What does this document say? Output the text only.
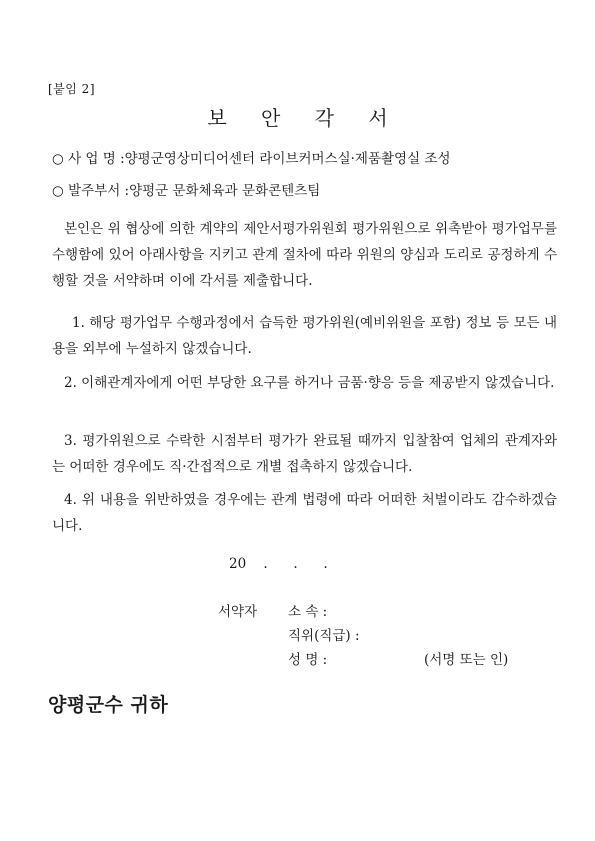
[붙임 2]
보 안 각 서
○ 사 업 명 :양평군영상미디어센터 라이브커머스실·제품촬영실 조성
○ 발주부서 :양평군 문화체육과 문화콘텐츠팀
본인은 위 협상에 의한 계약의 제안서평가위원회 평가위원으로 위촉받아 평가업무를 수행함에 있어 아래사항을 지키고 관계 절차에 따라 위원의 양심과 도리로 공정하게 수행할 것을 서약하며 이에 각서를 제출합니다.
1. 해당 평가업무 수행과정에서 습득한 평가위원(예비위원을 포함) 정보 등 모든 내용을 외부에 누설하지 않겠습니다.
2. 이해관계자에게 어떤 부당한 요구를 하거나 금품·향응 등을 제공받지 않겠습니다.
3. 평가위원으로 수락한 시점부터 평가가 완료될 때까지 입찰참여 업체의 관계자와는 어떠한 경우에도 직·간접적으로 개별 접촉하지 않겠습니다.
4. 위 내용을 위반하였을 경우에는 관계 법령에 따라 어떠한 처벌이라도 감수하겠습니다.
20    .      .      .
서약자 소 속 :
직위(직급) :
성 명 :	(서명 또는 인)
양평군수 귀하
